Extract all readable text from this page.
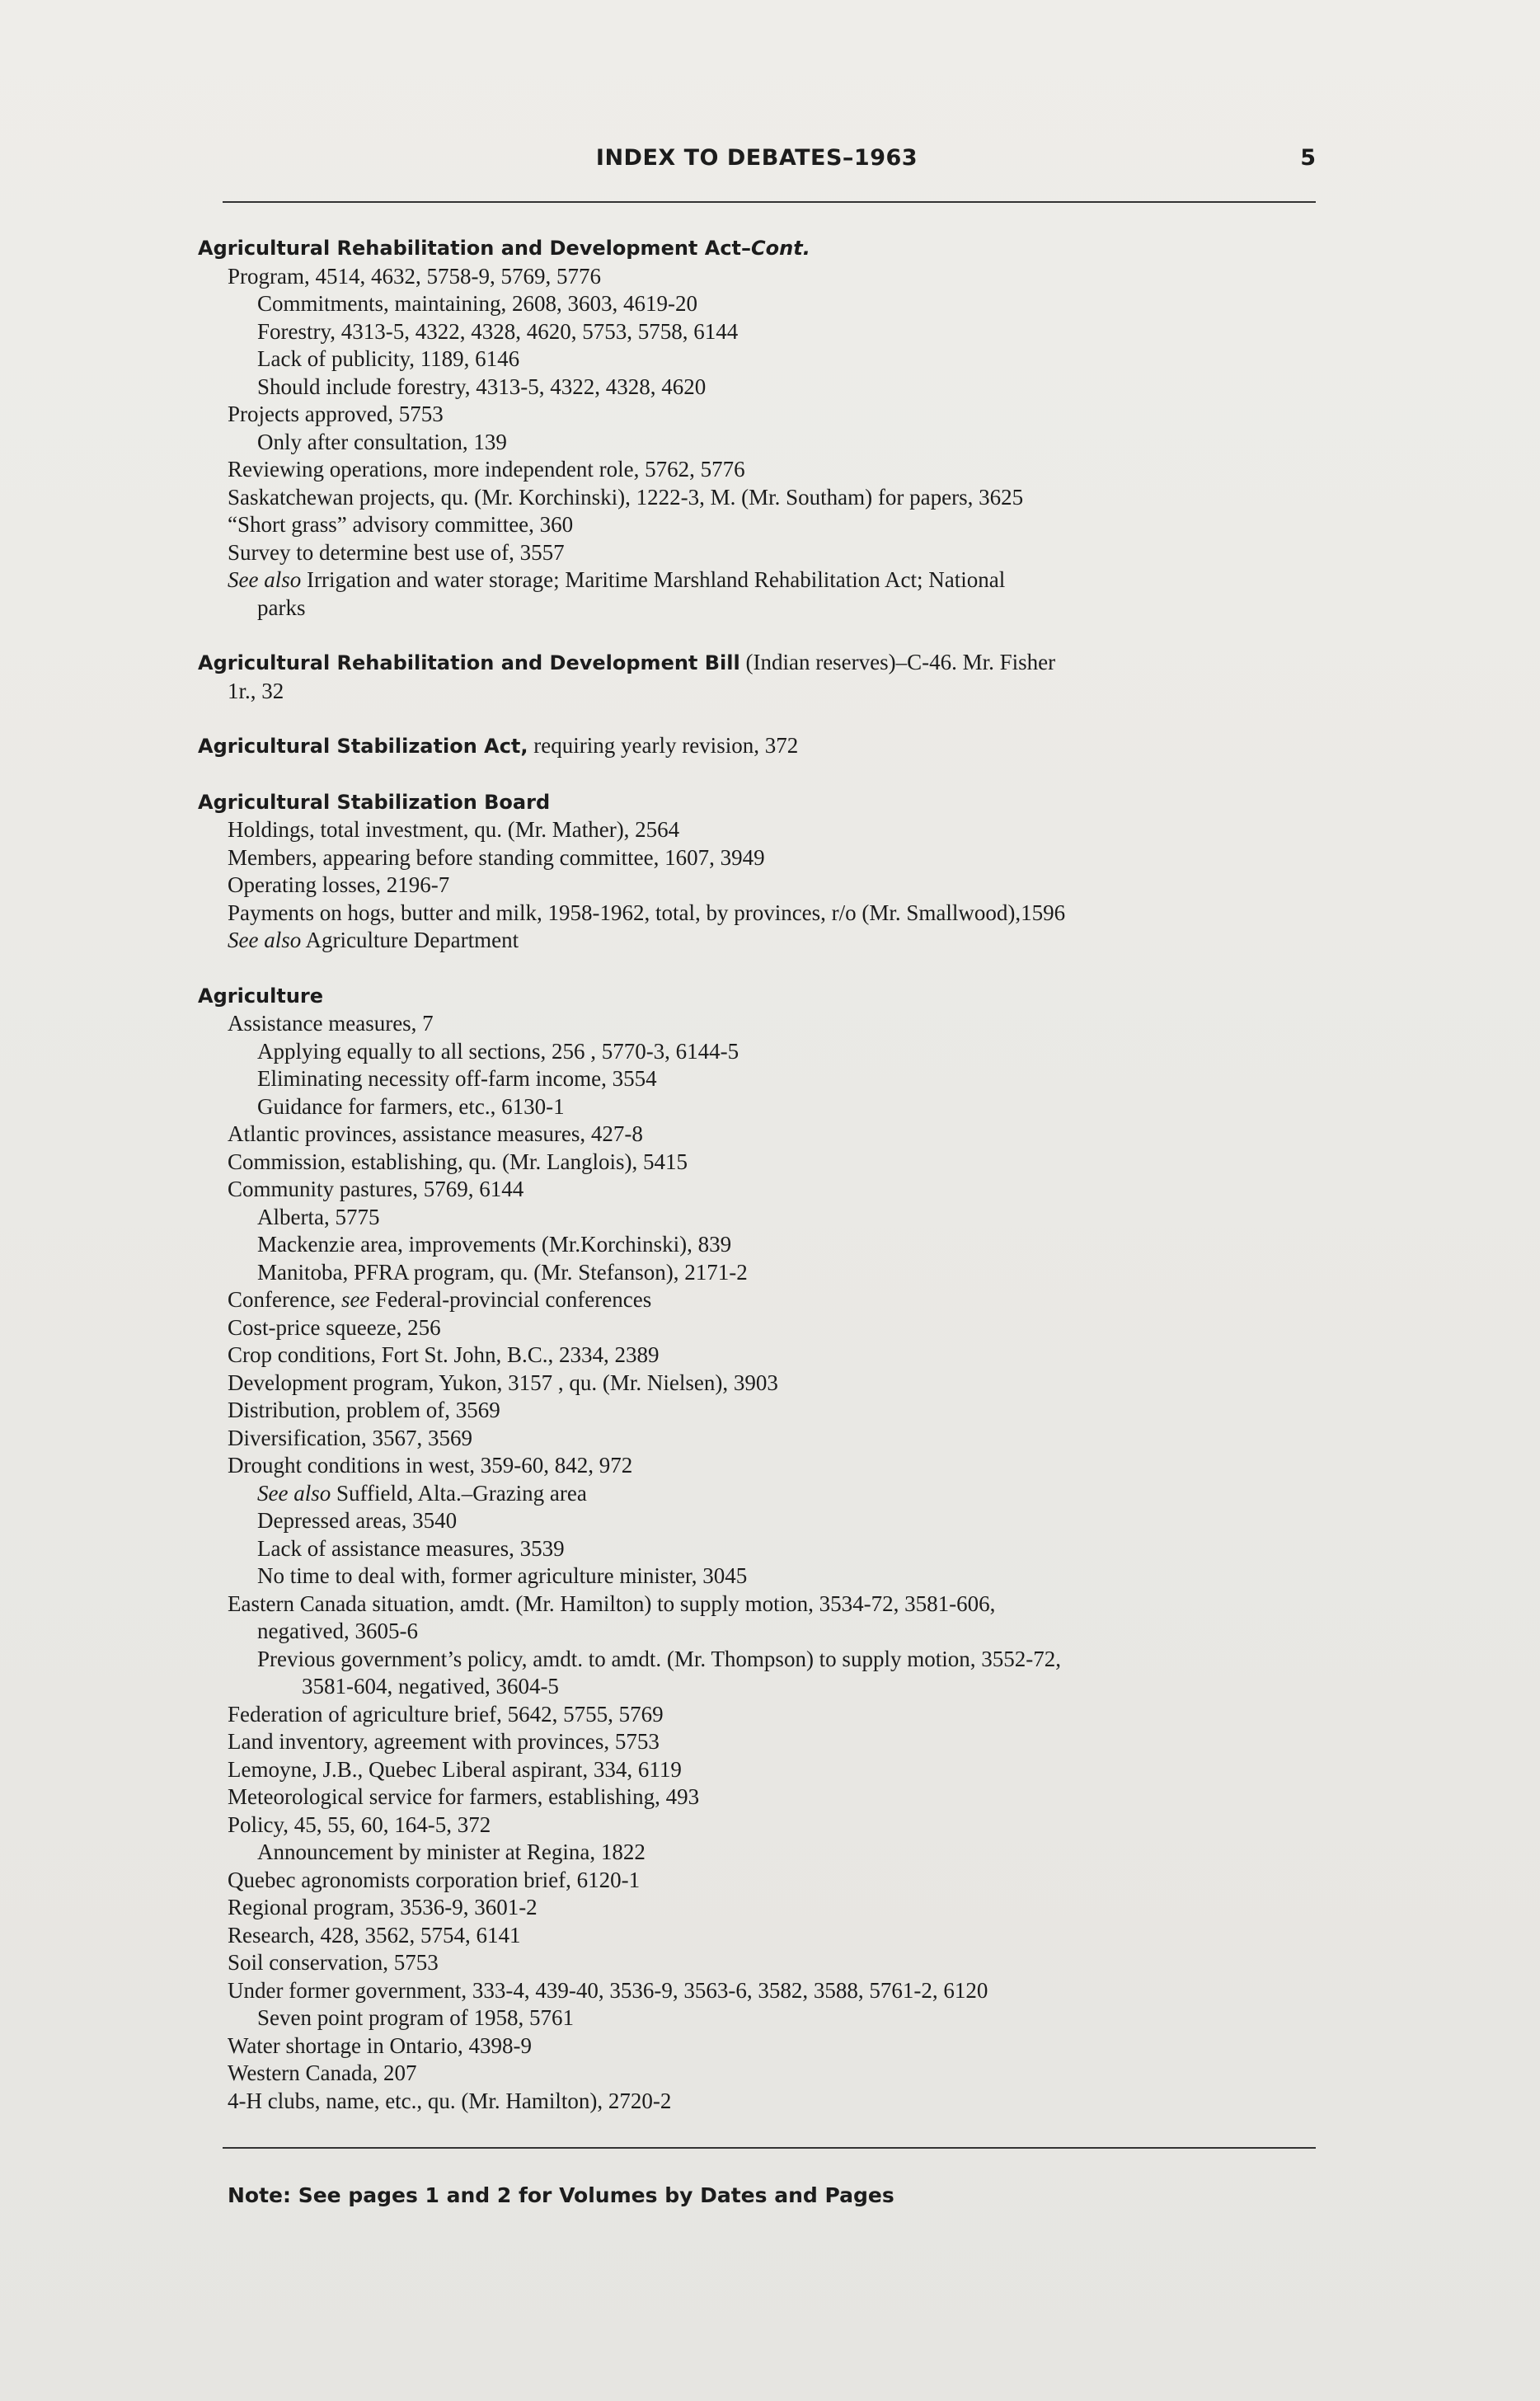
INDEX TO DEBATES–1963	5
Agricultural Rehabilitation and Development Act–Cont.
Program, 4514, 4632, 5758-9, 5769, 5776
Commitments, maintaining, 2608, 3603, 4619-20
Forestry, 4313-5, 4322, 4328, 4620, 5753, 5758, 6144
Lack of publicity, 1189, 6146
Should include forestry, 4313-5, 4322, 4328, 4620
Projects approved, 5753
Only after consultation, 139
Reviewing operations, more independent role, 5762, 5776
Saskatchewan projects, qu. (Mr. Korchinski), 1222-3, M. (Mr. Southam) for papers, 3625
“Short grass” advisory committee, 360
Survey to determine best use of, 3557
See also Irrigation and water storage; Maritime Marshland Rehabilitation Act; National
parks
Agricultural Rehabilitation and Development Bill (Indian reserves)–C-46. Mr. Fisher
1r., 32
Agricultural Stabilization Act, requiring yearly revision, 372
Agricultural Stabilization Board
Holdings, total investment, qu. (Mr. Mather), 2564
Members, appearing before standing committee, 1607, 3949
Operating losses, 2196-7
Payments on hogs, butter and milk, 1958-1962, total, by provinces, r/o (Mr. Smallwood),1596
See also Agriculture Department
Agriculture
Assistance measures, 7
Applying equally to all sections, 256 , 5770-3, 6144-5
Eliminating necessity off-farm income, 3554
Guidance for farmers, etc., 6130-1
Atlantic provinces, assistance measures, 427-8
Commission, establishing, qu. (Mr. Langlois), 5415
Community pastures, 5769, 6144
Alberta, 5775
Mackenzie area, improvements (Mr.Korchinski), 839
Manitoba, PFRA program, qu. (Mr. Stefanson), 2171-2
Conference, see Federal-provincial conferences
Cost-price squeeze, 256
Crop conditions, Fort St. John, B.C., 2334, 2389
Development program, Yukon, 3157 , qu. (Mr. Nielsen), 3903
Distribution, problem of, 3569
Diversification, 3567, 3569
Drought conditions in west, 359-60, 842, 972
See also Suffield, Alta.–Grazing area
Depressed areas, 3540
Lack of assistance measures, 3539
No time to deal with, former agriculture minister, 3045
Eastern Canada situation, amdt. (Mr. Hamilton) to supply motion, 3534-72, 3581-606,
negatived, 3605-6
Previous government’s policy, amdt. to amdt. (Mr. Thompson) to supply motion, 3552-72,
3581-604, negatived, 3604-5
Federation of agriculture brief, 5642, 5755, 5769
Land inventory, agreement with provinces, 5753
Lemoyne, J.B., Quebec Liberal aspirant, 334, 6119
Meteorological service for farmers, establishing, 493
Policy, 45, 55, 60, 164-5, 372
Announcement by minister at Regina, 1822
Quebec agronomists corporation brief, 6120-1
Regional program, 3536-9, 3601-2
Research, 428, 3562, 5754, 6141
Soil conservation, 5753
Under former government, 333-4, 439-40, 3536-9, 3563-6, 3582, 3588, 5761-2, 6120
Seven point program of 1958, 5761
Water shortage in Ontario, 4398-9
Western Canada, 207
4-H clubs, name, etc., qu. (Mr. Hamilton), 2720-2
Note: See pages 1 and 2 for Volumes by Dates and Pages
